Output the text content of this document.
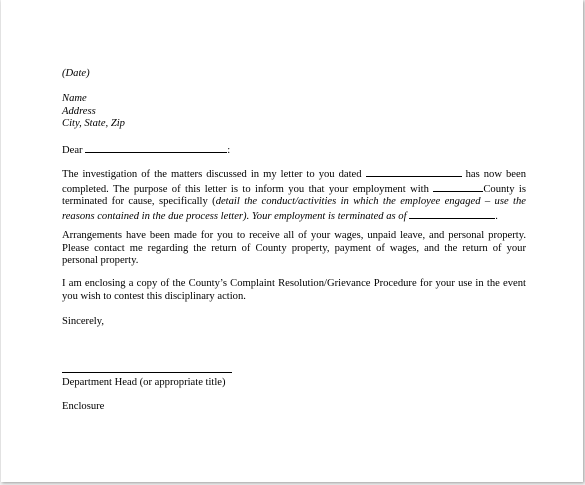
(Date)
Name
Address
City, State, Zip
Dear	:
The investigation of the matters discussed in my letter to you dated	has now been completed. The purpose of this letter is to inform you that your employment with	County is terminated for cause, specifically (detail the conduct/activities in which the employee engaged – use the reasons contained in the due process letter). Your employment is terminated as of	.
Arrangements have been made for you to receive all of your wages, unpaid leave, and personal property. Please contact me regarding the return of County property, payment of wages, and the return of your personal property.
I am enclosing a copy of the County’s Complaint Resolution/Grievance Procedure for your use in the event you wish to contest this disciplinary action.
Sincerely,
Department Head (or appropriate title)
Enclosure
